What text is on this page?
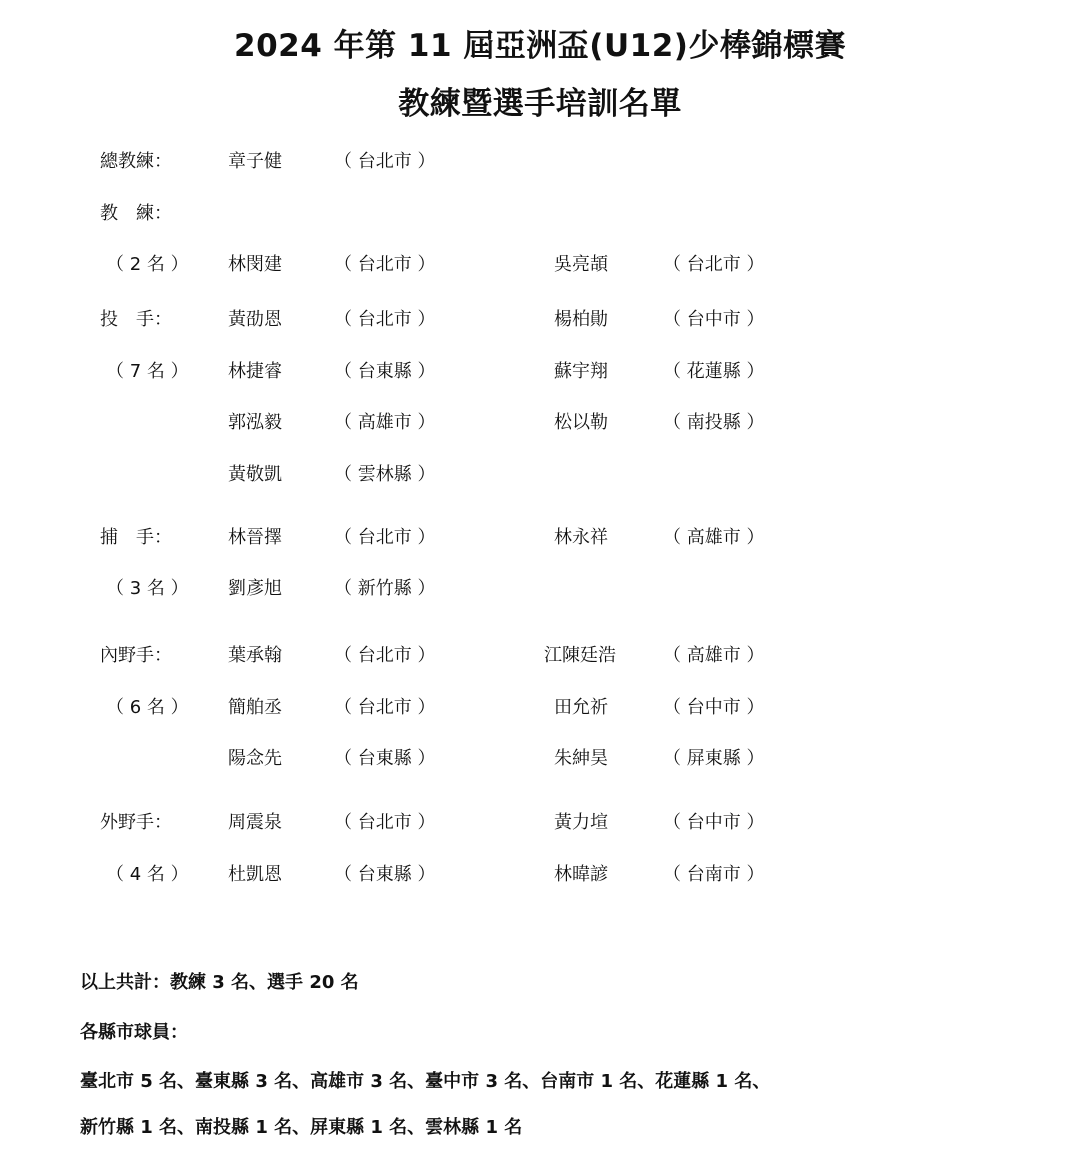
2024 年第 11 屆亞洲盃(U12)少棒錦標賽
教練暨選手培訓名單
總教練：	章子健	（ 台北市 ）
教　練：
（ 2 名 ） 林閔建	（ 台北市 ）	吳亮頡	（ 台北市 ）
投　手：
（ 7 名 ）
黃劭恩	（ 台北市 ）	楊柏勛	（ 台中市 ）
林捷睿	（ 台東縣 ）	蘇宇翔	（ 花蓮縣 ）
郭泓毅	（ 高雄市 ）	松以勒	（ 南投縣 ）
黃敬凱	（ 雲林縣 ）
捕　手：
（ 3 名 ）
林晉擇	（ 台北市 ）	林永祥	（ 高雄市 ）
劉彥旭	（ 新竹縣 ）
內野手：
（ 6 名 ）
葉承翰	（ 台北市 ）	江陳廷浩	（ 高雄市 ）
簡舶丞	（ 台北市 ）	田允祈	（ 台中市 ）
陽念先	（ 台東縣 ）	朱紳昊	（ 屏東縣 ）
外野手：
（ 4 名 ）
周震泉	（ 台北市 ）	黃力塇	（ 台中市 ）
杜凱恩	（ 台東縣 ）	林暐諺	（ 台南市 ）
以上共計：教練 3 名、選手 20 名
各縣市球員：
臺北市 5 名、臺東縣 3 名、高雄市 3 名、臺中市 3 名、台南市 1 名、花蓮縣 1 名、
新竹縣 1 名、南投縣 1 名、屏東縣 1 名、雲林縣 1 名
